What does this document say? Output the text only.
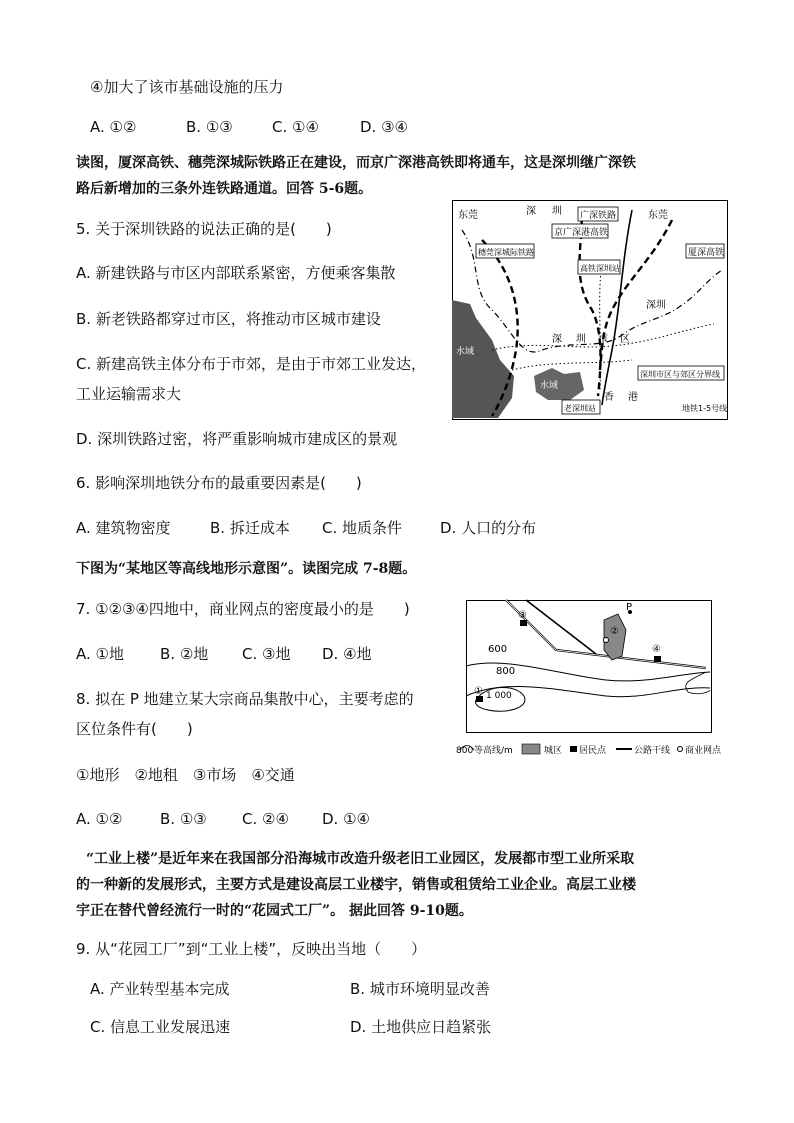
④加大了该市基础设施的压力
A. ①②	B. ①③	C. ①④	D. ③④
读图，厦深高铁、穗莞深城际铁路正在建设，而京广深港高铁即将通车，这是深圳继广深铁
路后新增加的三条外连铁路通道。回答 5-6题。
5. 关于深圳铁路的说法正确的是(　　)
A. 新建铁路与市区内部联系紧密，方便乘客集散
B. 新老铁路都穿过市区，将推动市区城市建设
C. 新建高铁主体分布于市郊，是由于市郊工业发达，
工业运输需求大
D. 深圳铁路过密，将严重影响城市建成区的景观
6. 影响深圳地铁分布的最重要因素是(　　)
A. 建筑物密度	B. 拆迁成本 C. 地质条件	D. 人口的分布
下图为“某地区等高线地形示意图”。读图完成 7-8题。
7. ①②③④四地中，商业网点的密度最小的是　　)
A. ①地 B. ②地 C. ③地 D. ④地
8. 拟在 P 地建立某大宗商品集散中心，主要考虑的
区位条件有(　　)
①地形　②地租　③市场　④交通
A. ①②	B. ①③ C. ②④ D. ①④
“工业上楼”是近年来在我国部分沿海城市改造升级老旧工业园区，发展都市型工业所采取
的一种新的发展形式，主要方式是建设高层工业楼宇，销售或租赁给工业企业。高层工业楼
宇正在替代曾经流行一时的“花园式工厂”。 据此回答 9-10题。
9. 从“花园工厂”到“工业上楼”，反映出当地（　　）
A. 产业转型基本完成	B. 城市环境明显改善
C. 信息工业发展迅速	D. 土地供应日趋紧张
广深铁路
京广深港高铁
穗莞深城际铁路	厦深高铁
高铁深圳站
深圳市区与郊区分界线
老深圳站	地铁1-5号线
东莞	东莞
深 圳
深 圳 市 区
深圳
香 港
水域
水域
P
③
②
④
①
600
800
1 000
800 等高线/m	城区 居民点	公路干线 商业网点
